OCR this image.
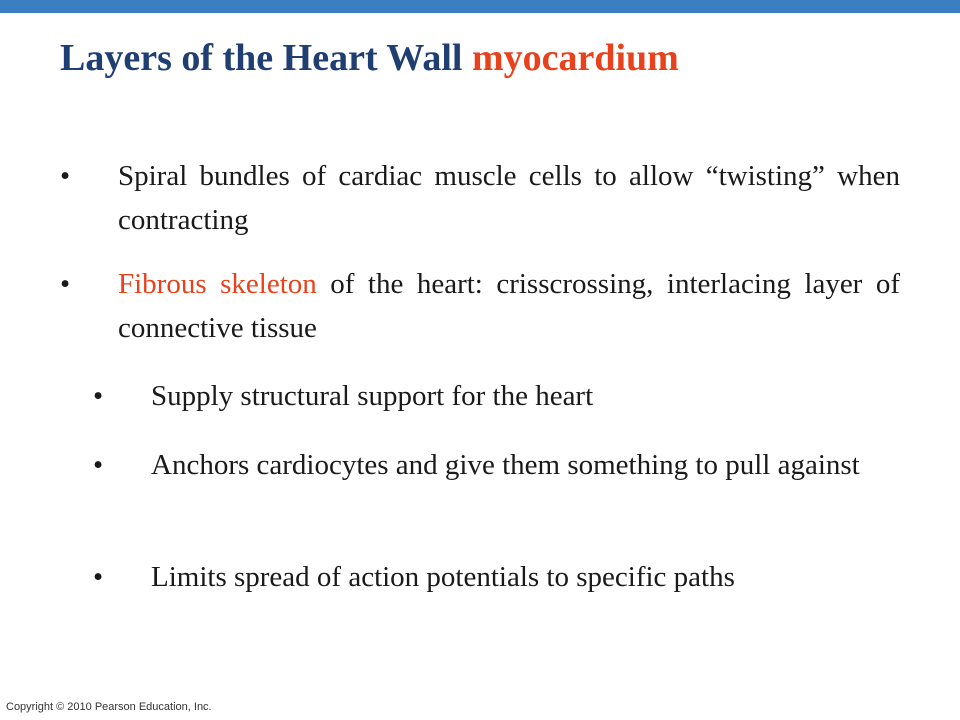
Layers of the Heart Wall myocardium
• Spiral bundles of cardiac muscle cells to allow “twisting” when contracting
• Fibrous skeleton of the heart: crisscrossing, interlacing layer of connective tissue
• Supply structural support for the heart
• Anchors cardiocytes and give them something to pull against
• Limits spread of action potentials to specific paths
Copyright © 2010 Pearson Education, Inc.
